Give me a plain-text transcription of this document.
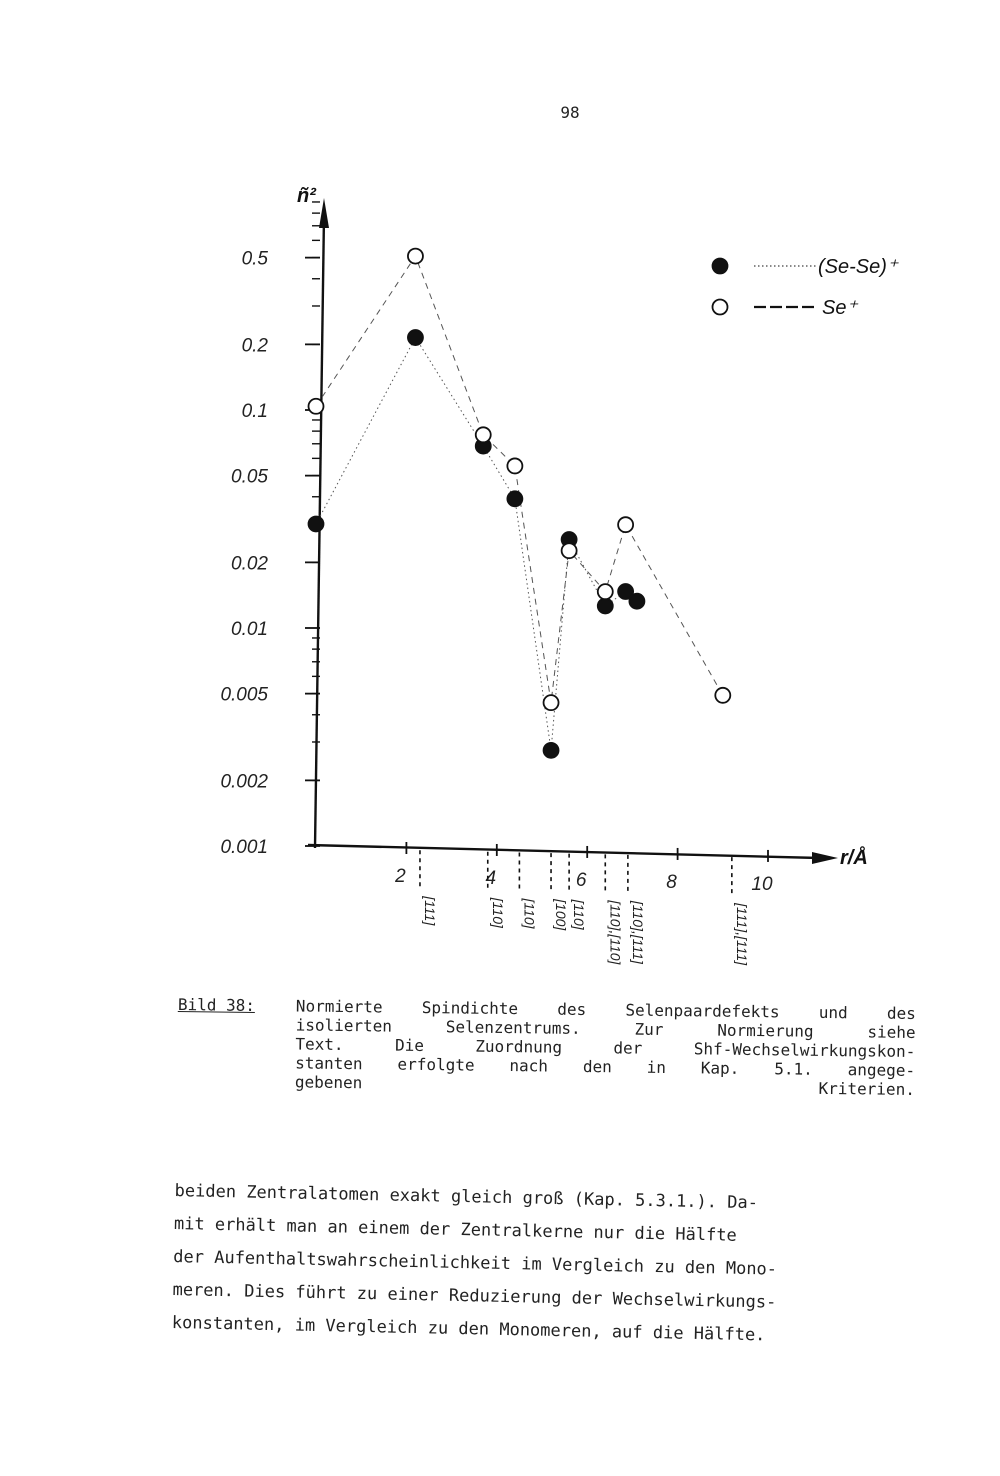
98
ñ²
r/Å
0.5
0.2
0.1
0.05
0.02
0.01
0.005
0.002
0.001
2	4	6	8	10
[111]	[110] [110] [100] [110] [110],[110] [110],[111]	[111],[111]
(Se-Se)⁺
Se⁺
Bild 38:	Normierte Spindichte des Selenpaardefekts und des
isolierten Selenzentrums. Zur Normierung siehe
Text. Die Zuordnung der Shf-Wechselwirkungskon-
stanten erfolgte nach den in Kap. 5.1. angege-
gebenen Kriterien.
beiden Zentralatomen exakt gleich groß (Kap. 5.3.1.). Da-
mit erhält man an einem der Zentralkerne nur die Hälfte
der Aufenthaltswahrscheinlichkeit im Vergleich zu den Mono-
meren. Dies führt zu einer Reduzierung der Wechselwirkungs-
konstanten, im Vergleich zu den Monomeren, auf die Hälfte.
